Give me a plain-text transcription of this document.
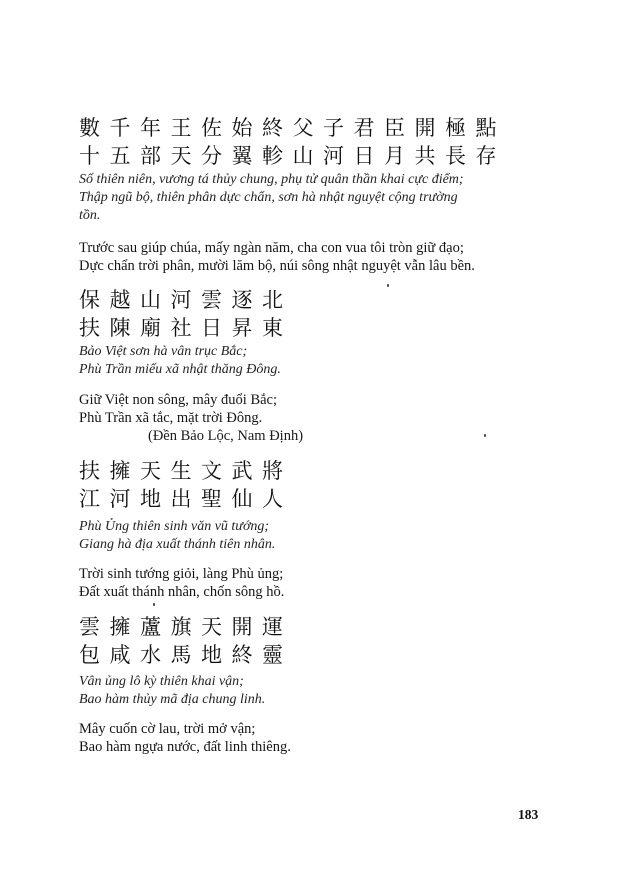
數千年王佐始終父子君臣開極點
十五部天分翼軫山河日月共長存
Số thiên niên, vương tá thủy chung, phụ tử quân thần khai cực điểm;
Thập ngũ bộ, thiên phân dực chẩn, sơn hà nhật nguyệt cộng trường
tồn.
Trước sau giúp chúa, mấy ngàn năm, cha con vua tôi tròn giữ đạo;
Dực chẩn trời phân, mười lăm bộ, núi sông nhật nguyệt vẫn lâu bền.
保越山河雲逐北
扶陳廟社日昇東
Bảo Việt sơn hà vân trục Bắc;
Phù Trần miếu xã nhật thăng Đông.
Giữ Việt non sông, mây đuổi Bắc;
Phù Trần xã tắc, mặt trời Đông.
(Đền Bảo Lộc, Nam Định)
扶擁天生文武將
江河地出聖仙人
Phù Ủng thiên sinh văn vũ tướng;
Giang hà địa xuất thánh tiên nhân.
Trời sinh tướng giỏi, làng Phù ủng;
Đất xuất thánh nhân, chốn sông hồ.
雲擁蘆旗天開運
包咸水馬地終靈
Vân ủng lô kỳ thiên khai vận;
Bao hàm thủy mã địa chung linh.
Mây cuốn cờ lau, trời mở vận;
Bao hàm ngựa nước, đất linh thiêng.
183
